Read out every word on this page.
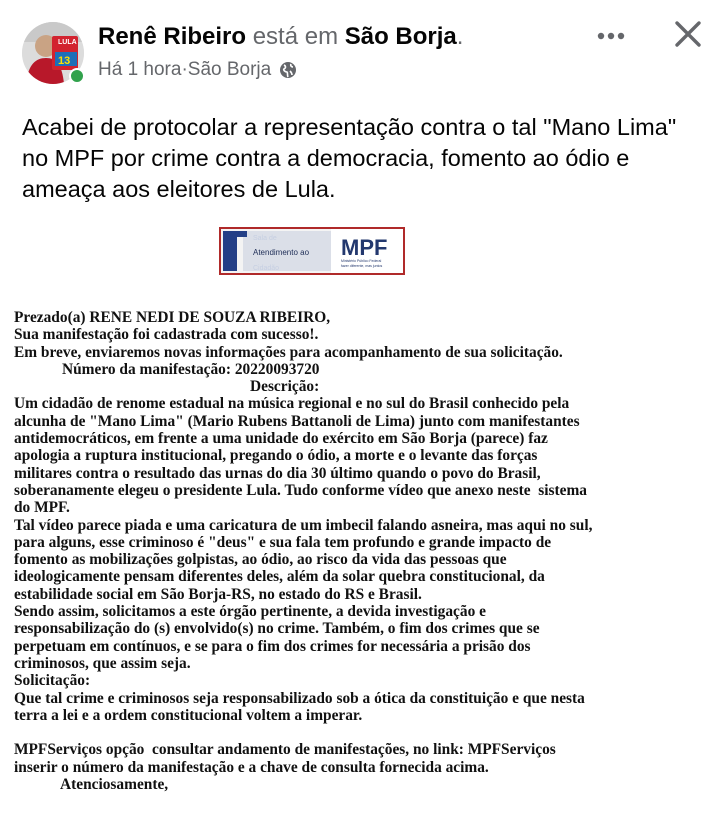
LULA
13
Renê Ribeiro está em São Borja.
Há 1 hora · São Borja
Acabei de protocolar a representação contra o tal "Mano Lima" no MPF por crime contra a democracia, fomento ao ódio e ameaça aos eleitores de Lula.
Sala de
Atendimento ao
Cidadão
MPF
Ministério Público Federal
fazer diferente, mas juntos

Prezado(a) RENE NEDI DE SOUZA RIBEIRO,

Sua manifestação foi cadastrada com sucesso!.

Em breve, enviaremos novas informações para acompanhamento de sua solicitação.

Número da manifestação: 20220093720

Descrição:

Um cidadão de renome estadual na música regional e no sul do Brasil conhecido pela

alcunha de "Mano Lima" (Mario Rubens Battanoli de Lima) junto com manifestantes

antidemocráticos, em frente a uma unidade do exército em São Borja (parece) faz

apologia a ruptura institucional, pregando o ódio, a morte e o levante das forças

militares contra o resultado das urnas do dia 30 último quando o povo do Brasil,

soberanamente elegeu o presidente Lula. Tudo conforme vídeo que anexo neste  sistema

do MPF.

Tal vídeo parece piada e uma caricatura de um imbecil falando asneira, mas aqui no sul,

para alguns, esse criminoso é "deus" e sua fala tem profundo e grande impacto de

fomento as mobilizações golpistas, ao ódio, ao risco da vida das pessoas que

ideologicamente pensam diferentes deles, além da solar quebra constitucional, da

estabilidade social em São Borja-RS, no estado do RS e Brasil.

Sendo assim, solicitamos a este órgão pertinente, a devida investigação e

responsabilização do (s) envolvido(s) no crime. Também, o fim dos crimes que se

perpetuam em contínuos, e se para o fim dos crimes for necessária a prisão dos

criminosos, que assim seja.

Solicitação:

Que tal crime e criminosos seja responsabilizado sob a ótica da constituição e que nesta

terra a lei e a ordem constitucional voltem a imperar.

MPFServiços opção  consultar andamento de manifestações, no link: MPFServiços

inserir o número da manifestação e a chave de consulta fornecida acima.

Atenciosamente,
